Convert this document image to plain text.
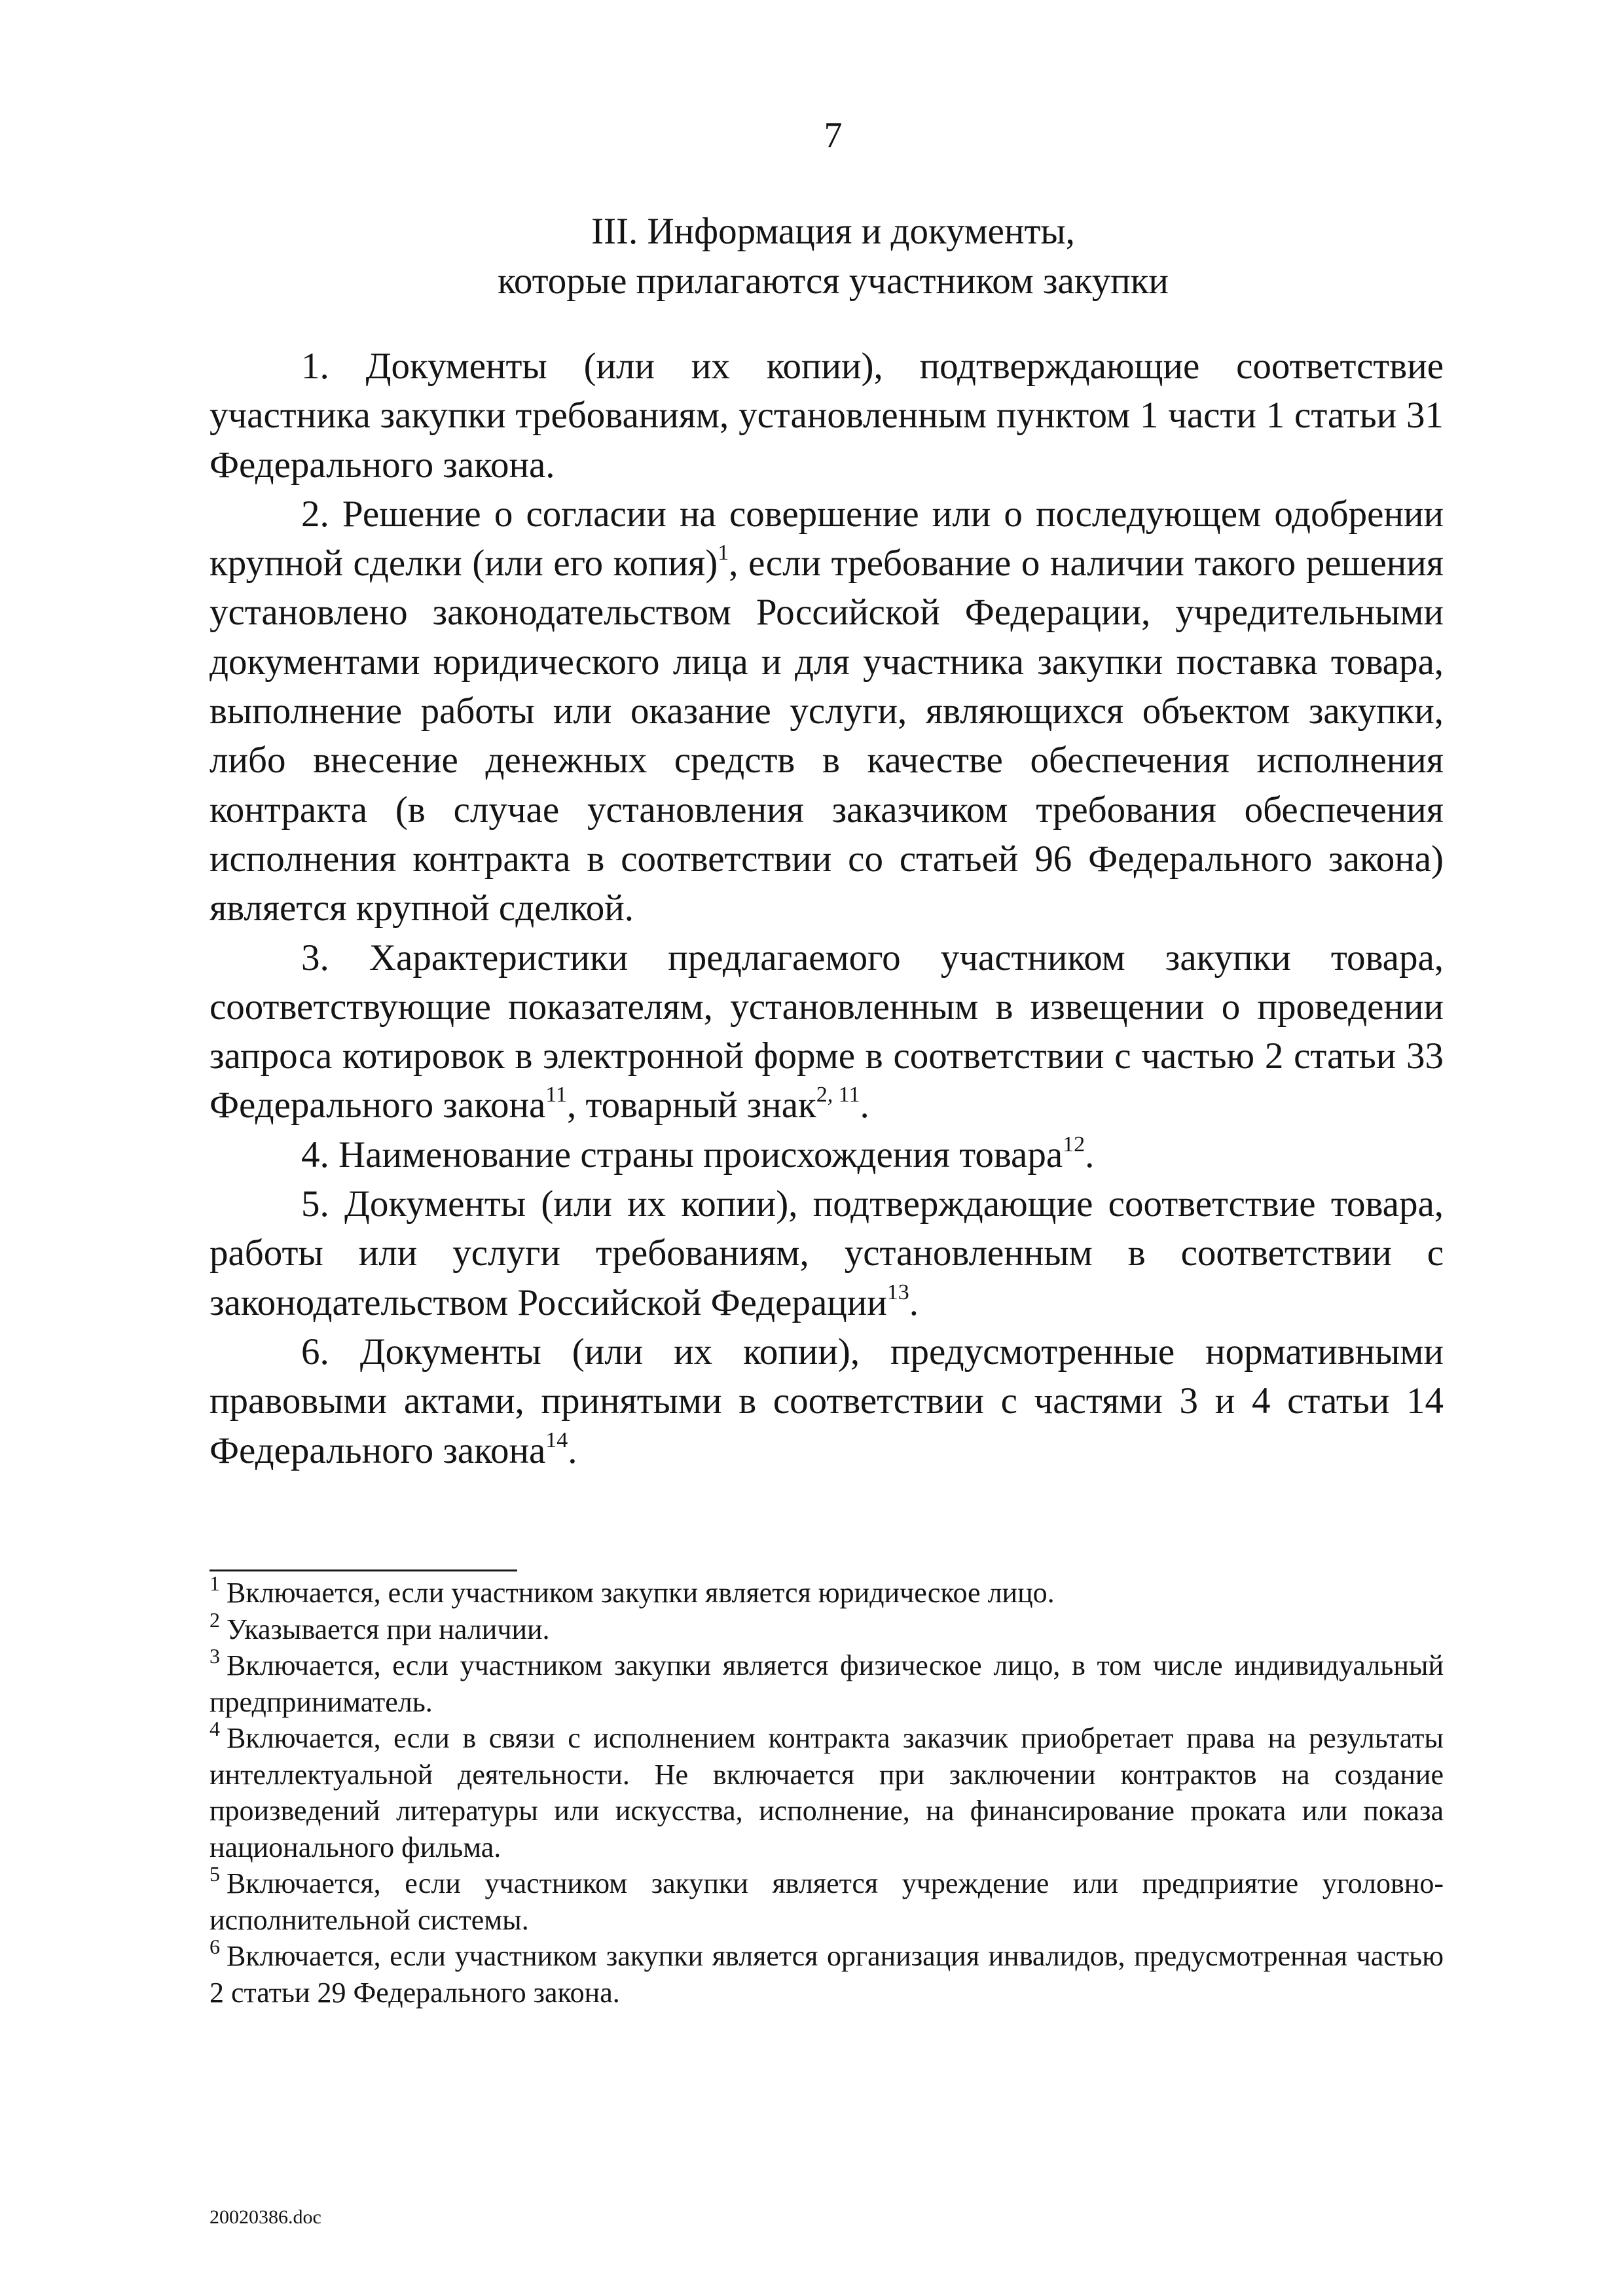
7
III. Информация и документы,
которые прилагаются участником закупки

1. Документы (или их копии), подтверждающие соответствие участника закупки требованиям, установленным пунктом 1 части 1 статьи 31 Федерального закона.

2. Решение о согласии на совершение или о последующем одобрении крупной сделки (или его копия)$^1$, если требование о наличии такого решения установлено законодательством Российской Федерации, учредительными документами юридического лица и для участника закупки поставка товара, выполнение работы или оказание услуги, являющихся объектом закупки, либо внесение денежных средств в качестве обеспечения исполнения контракта (в случае установления заказчиком требования обеспечения исполнения контракта в соответствии со статьей 96 Федерального закона) является крупной сделкой.

3. Характеристики предлагаемого участником закупки товара, соответствующие показателям, установленным в извещении о проведении запроса котировок в электронной форме в соответствии с частью 2 статьи 33 Федерального закона$^{11}$, товарный знак$^{2, 11}$.

4. Наименование страны происхождения товара$^{12}$.

5. Документы (или их копии), подтверждающие соответствие товара, работы или услуги требованиям, установленным в соответствии с законодательством Российской Федерации$^{13}$.

6. Документы (или их копии), предусмотренные нормативными правовыми актами, принятыми в соответствии с частями 3 и 4 статьи 14 Федерального закона$^{14}$.

$^1$ Включается, если участником закупки является юридическое лицо.

$^2$ Указывается при наличии.

$^3$ Включается, если участником закупки является физическое лицо, в том числе индивидуальный предприниматель.

$^4$ Включается, если в связи с исполнением контракта заказчик приобретает права на результаты интеллектуальной деятельности. Не включается при заключении контрактов на создание произведений литературы или искусства, исполнение, на финансирование проката или показа национального фильма.

$^5$ Включается, если участником закупки является учреждение или предприятие уголовно-исполнительной системы.

$^6$ Включается, если участником закупки является организация инвалидов, предусмотренная частью 2 статьи 29 Федерального закона.

20020386.doc
